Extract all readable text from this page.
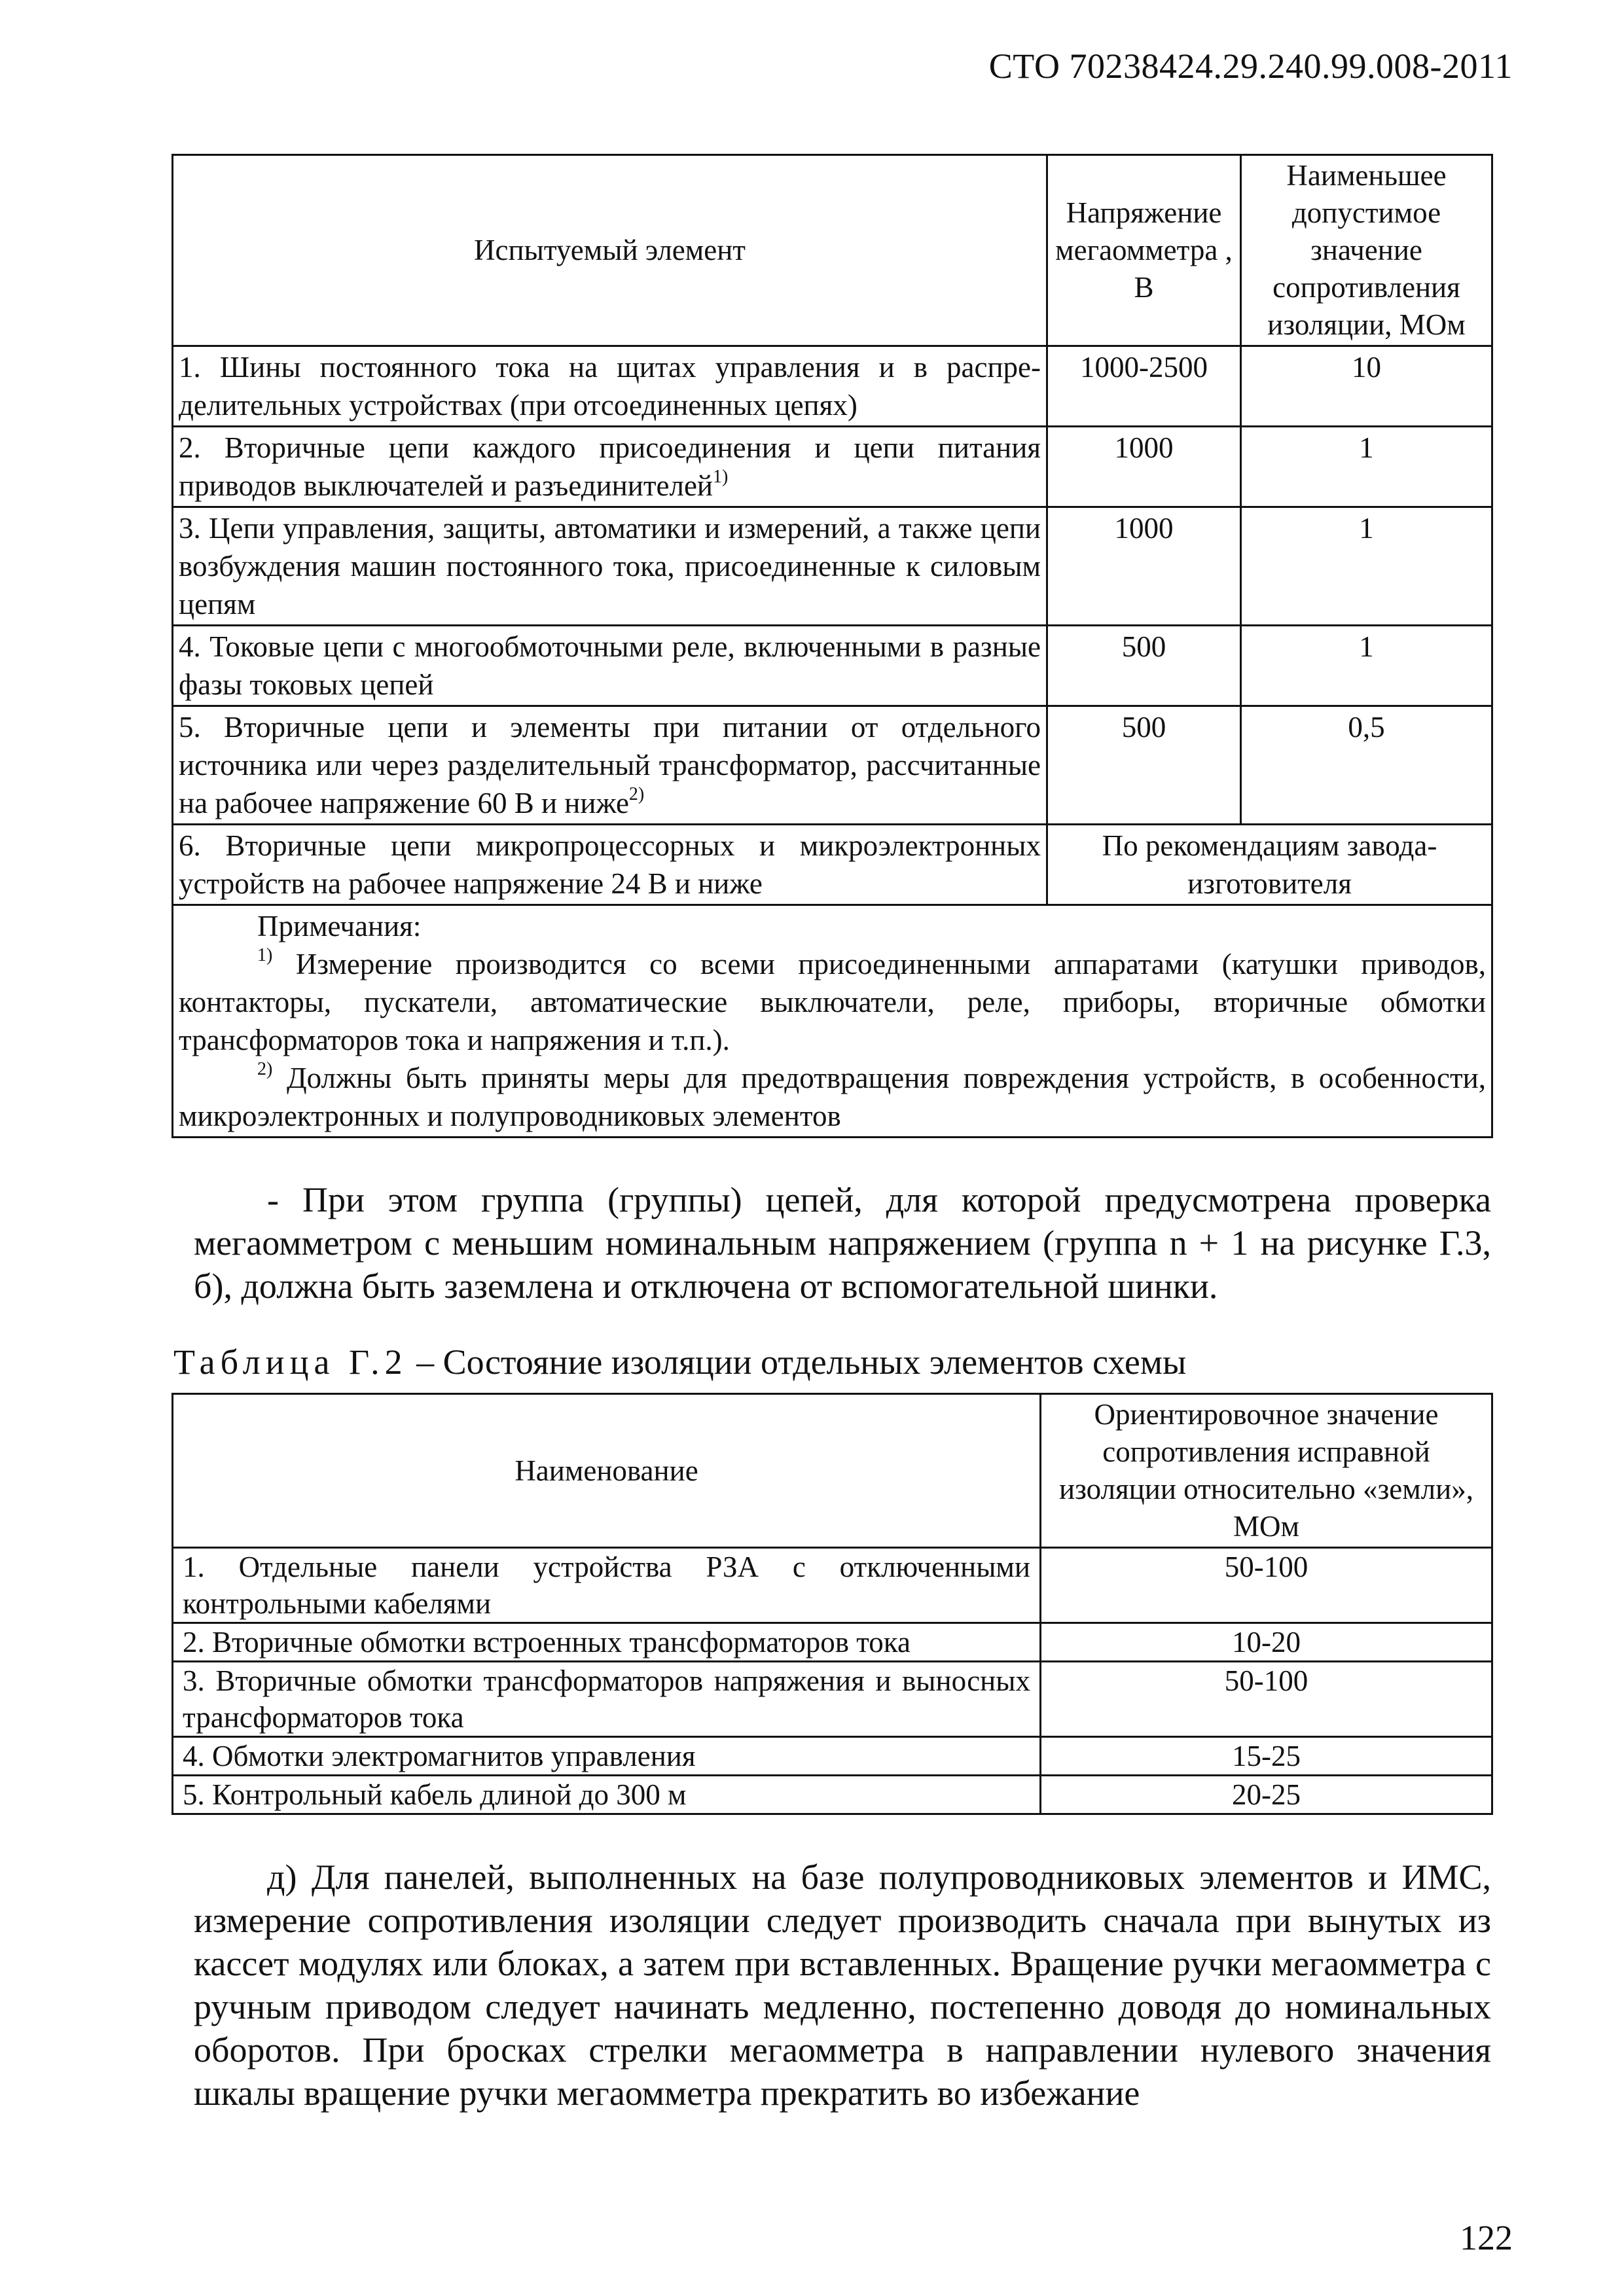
СТО 70238424.29.240.99.008-2011
Испытуемый элемент	Напряжение мегаомметра , В	Наименьшее допустимое значение сопротивления изоляции, МОм
1. Шины постоянного тока на щитах управления и в распре-делительных устройствах (при отсоединенных цепях)	1000-2500	10
2. Вторичные цепи каждого присоединения и цепи питания приводов выключателей и разъединителей$^{1)}$	1000	1
3. Цепи управления, защиты, автоматики и измерений, а также цепи возбуждения машин постоянного тока, присоединенные к силовым цепям	1000	1
4. Токовые цепи с многообмоточными реле, включенными в разные фазы токовых цепей	500	1
5. Вторичные цепи и элементы при питании от отдельного источника или через разделительный трансформатор, рассчитанные на рабочее напряжение 60 В и ниже$^{2)}$	500	0,5
6. Вторичные цепи микропроцессорных и микроэлектронных устройств на рабочее напряжение 24 В и ниже	По рекомендациям завода-изготовителя	

Примечания:
$^{1)}$ Измерение производится со всеми присоединенными аппаратами (катушки приводов, контакторы, пускатели, автоматические выключатели, реле, приборы, вторичные обмотки трансформаторов тока и напряжения и т.п.).
$^{2)}$ Должны быть приняты меры для предотвращения повреждения устройств, в особенности, микроэлектронных и полупроводниковых элементов		

- При этом группа (группы) цепей, для которой предусмотрена проверка мегаомметром с меньшим номинальным напряжением (группа n + 1 на рисунке Г.3, б), должна быть заземлена и отключена от вспомогательной шинки.

Таблица Г.2 – Состояние изоляции отдельных элементов схемы
Наименование	Ориентировочное значение сопротивления исправной изоляции относительно «земли», МОм
1. Отдельные панели устройства РЗА с отключенными контрольными кабелями	50-100
2. Вторичные обмотки встроенных трансформаторов тока	10-20
3. Вторичные обмотки трансформаторов напряжения и выносных трансформаторов тока	50-100
4. Обмотки электромагнитов управления	15-25
5. Контрольный кабель длиной до 300 м	20-25

д) Для панелей, выполненных на базе полупроводниковых элементов и ИМС, измерение сопротивления изоляции следует производить сначала при вынутых из кассет модулях или блоках, а затем при вставленных. Вращение ручки мегаомметра с ручным приводом следует начинать медленно, постепенно доводя до номинальных оборотов. При бросках стрелки мегаомметра в направлении нулевого значения шкалы вращение ручки мегаомметра прекратить во избежание

122
